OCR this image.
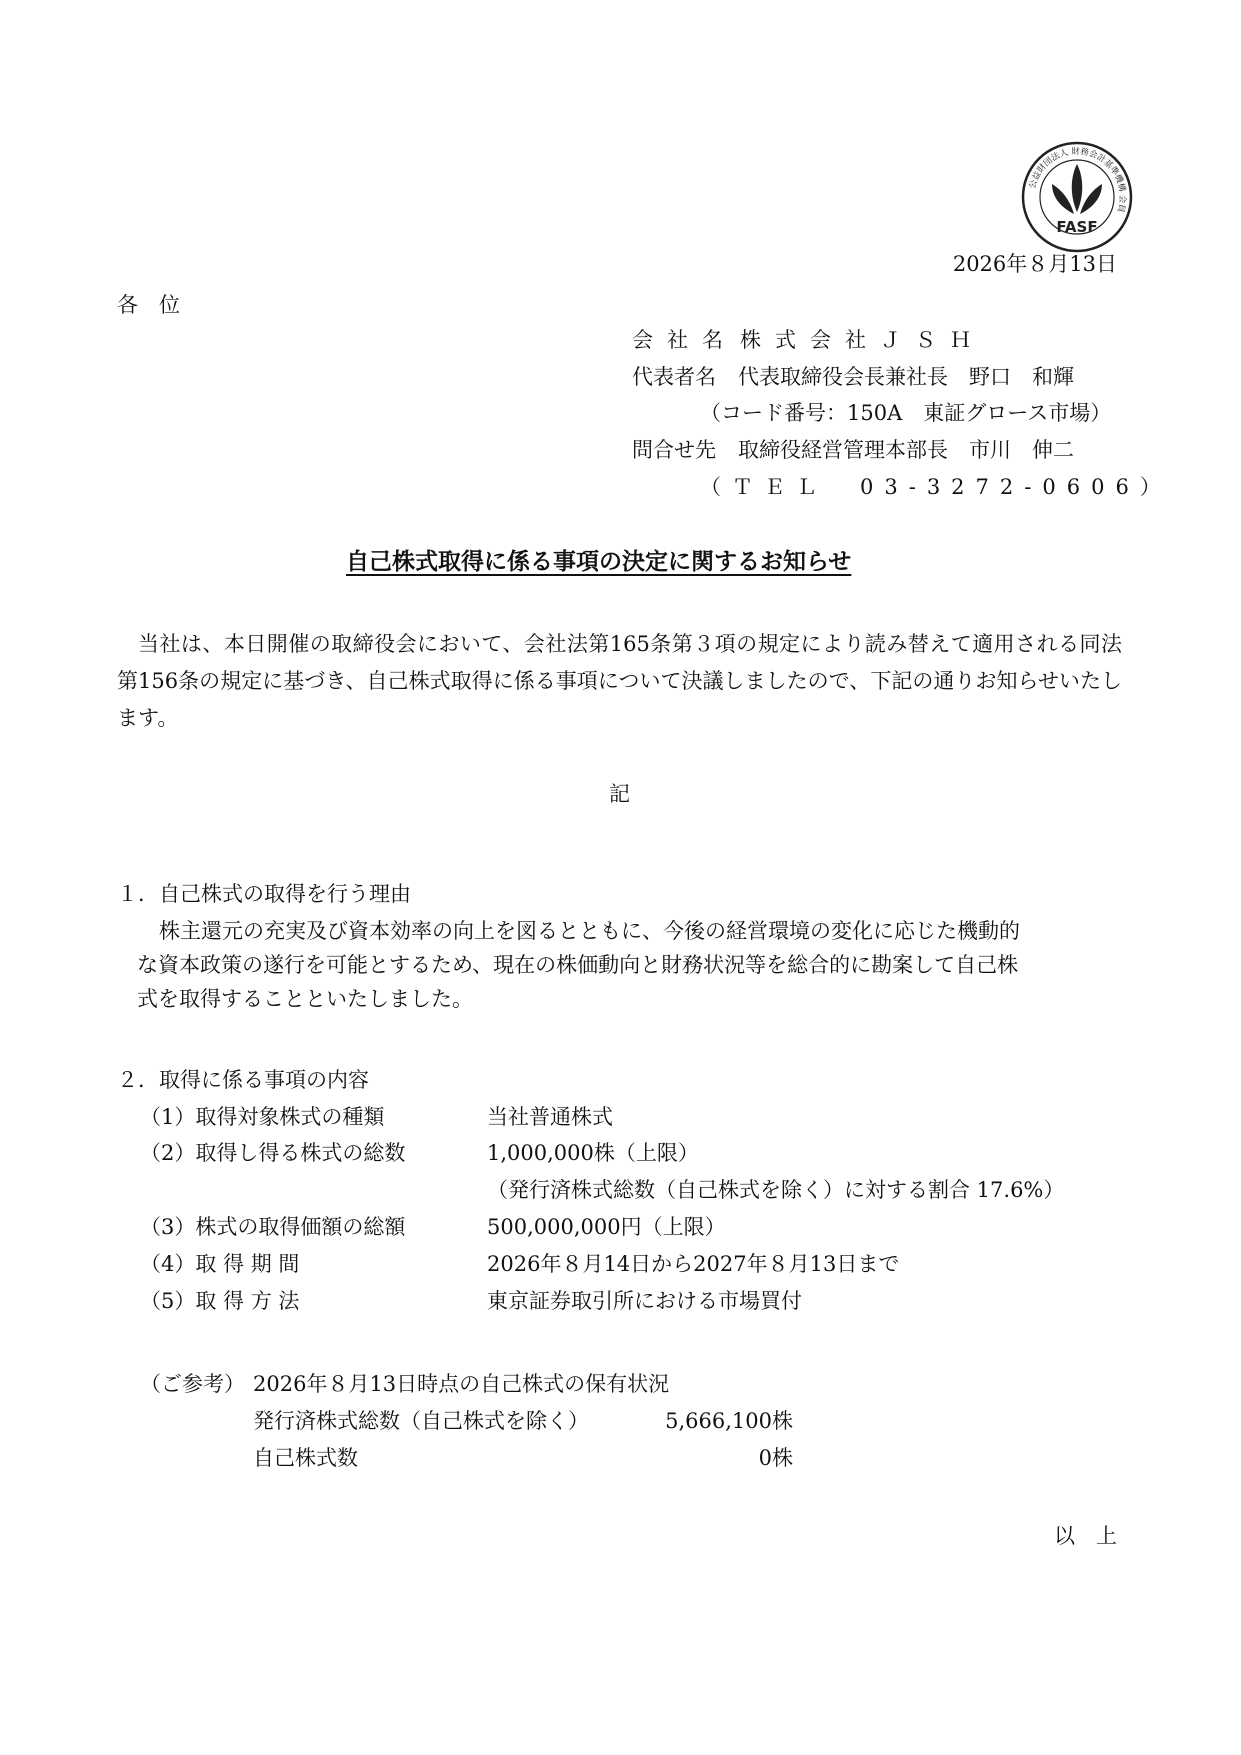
公益財団法人 財務会計基準機構 会員
FASF
2026年８月13日
各　位
会社名 株式会社ＪＳＨ
代表者名 代表取締役会長兼社長　野口　和輝
（コード番号：150A　東証グロース市場）
問合せ先 取締役経営管理本部長　市川　伸二
（ＴＥＬ　03-3272-0606）
自己株式取得に係る事項の決定に関するお知らせ
当社は、本日開催の取締役会において、会社法第165条第３項の規定により読み替えて適用される同法第156条の規定に基づき、自己株式取得に係る事項について決議しましたので、下記の通りお知らせいたします。
記
１．自己株式の取得を行う理由
株主還元の充実及び資本効率の向上を図るとともに、今後の経営環境の変化に応じた機動的
な資本政策の遂行を可能とするため、現在の株価動向と財務状況等を総合的に勘案して自己株
式を取得することといたしました。
２．取得に係る事項の内容
（1）取得対象株式の種類	当社普通株式
（2）取得し得る株式の総数	1,000,000株（上限）
（発行済株式総数（自己株式を除く）に対する割合 17.6%）
（3）株式の取得価額の総額	500,000,000円（上限）
（4）取 得 期 間	2026年８月14日から2027年８月13日まで
（5）取 得 方 法	東京証券取引所における市場買付
（ご参考） 2026年８月13日時点の自己株式の保有状況
発行済株式総数（自己株式を除く）	5,666,100株
自己株式数	0株
以　上
